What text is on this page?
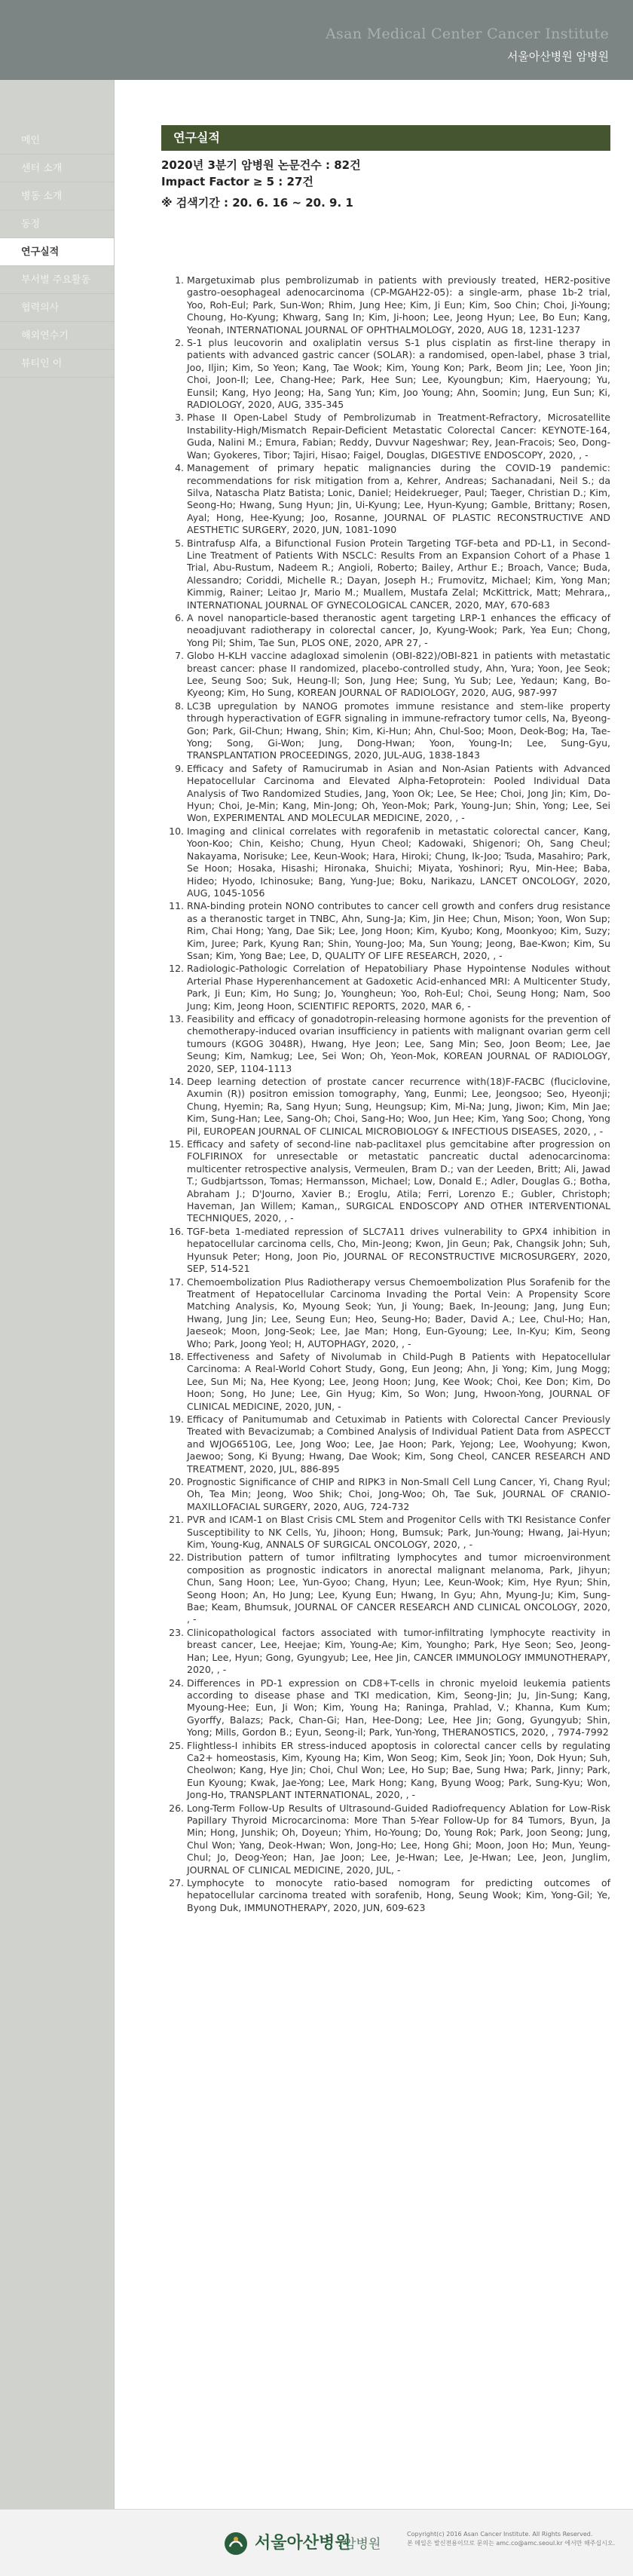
Asan Medical Center Cancer Institute
서울아산병원 암병원
메인
센터 소개
병동 소개
동정
연구실적
부서별 주요활동
협력의사
해외연수기
뷰티인 이
연구실적
2020년 3분기 암병원 논문건수 : 82건
Impact Factor ≥ 5 : 27건
※ 검색기간 : 20. 6. 16 ~ 20. 9. 1
1. Margetuximab plus pembrolizumab in patients with previously treated, HER2-positive gastro-oesophageal adenocarcinoma (CP-MGAH22-05): a single-arm, phase 1b-2 trial, Yoo, Roh-Eul; Park, Sun-Won; Rhim, Jung Hee; Kim, Ji Eun; Kim, Soo Chin; Choi, Ji-Young; Choung, Ho-Kyung; Khwarg, Sang In; Kim, Ji-hoon; Lee, Jeong Hyun; Lee, Bo Eun; Kang, Yeonah, INTERNATIONAL JOURNAL OF OPHTHALMOLOGY, 2020, AUG 18, 1231-1237
2. S-1 plus leucovorin and oxaliplatin versus S-1 plus cisplatin as first-line therapy in patients with advanced gastric cancer (SOLAR): a randomised, open-label, phase 3 trial, Joo, Iljin; Kim, So Yeon; Kang, Tae Wook; Kim, Young Kon; Park, Beom Jin; Lee, Yoon Jin; Choi, Joon-Il; Lee, Chang-Hee; Park, Hee Sun; Lee, Kyoungbun; Kim, Haeryoung; Yu, Eunsil; Kang, Hyo Jeong; Ha, Sang Yun; Kim, Joo Young; Ahn, Soomin; Jung, Eun Sun; Ki, RADIOLOGY, 2020, AUG, 335-345
3. Phase II Open-Label Study of Pembrolizumab in Treatment-Refractory, Microsatellite Instability-High/Mismatch Repair-Deficient Metastatic Colorectal Cancer: KEYNOTE-164, Guda, Nalini M.; Emura, Fabian; Reddy, Duvvur Nageshwar; Rey, Jean-Fracois; Seo, Dong-Wan; Gyokeres, Tibor; Tajiri, Hisao; Faigel, Douglas, DIGESTIVE ENDOSCOPY, 2020, , -
4. Management of primary hepatic malignancies during the COVID-19 pandemic: recommendations for risk mitigation from a, Kehrer, Andreas; Sachanadani, Neil S.; da Silva, Natascha Platz Batista; Lonic, Daniel; Heidekrueger, Paul; Taeger, Christian D.; Kim, Seong-Ho; Hwang, Sung Hyun; Jin, Ui-Kyung; Lee, Hyun-Kyung; Gamble, Brittany; Rosen, Ayal; Hong, Hee-Kyung; Joo, Rosanne, JOURNAL OF PLASTIC RECONSTRUCTIVE AND AESTHETIC SURGERY, 2020, JUN, 1081-1090
5. Bintrafusp Alfa, a Bifunctional Fusion Protein Targeting TGF-beta and PD-L1, in Second-Line Treatment of Patients With NSCLC: Results From an Expansion Cohort of a Phase 1 Trial, Abu-Rustum, Nadeem R.; Angioli, Roberto; Bailey, Arthur E.; Broach, Vance; Buda, Alessandro; Coriddi, Michelle R.; Dayan, Joseph H.; Frumovitz, Michael; Kim, Yong Man; Kimmig, Rainer; Leitao Jr, Mario M.; Muallem, Mustafa Zelal; McKittrick, Matt; Mehrara,, INTERNATIONAL JOURNAL OF GYNECOLOGICAL CANCER, 2020, MAY, 670-683
6. A novel nanoparticle-based theranostic agent targeting LRP-1 enhances the efficacy of neoadjuvant radiotherapy in colorectal cancer, Jo, Kyung-Wook; Park, Yea Eun; Chong, Yong Pil; Shim, Tae Sun, PLOS ONE, 2020, APR 27, -
7. Globo H-KLH vaccine adagloxad simolenin (OBI-822)/OBI-821 in patients with metastatic breast cancer: phase II randomized, placebo-controlled study, Ahn, Yura; Yoon, Jee Seok; Lee, Seung Soo; Suk, Heung-Il; Son, Jung Hee; Sung, Yu Sub; Lee, Yedaun; Kang, Bo-Kyeong; Kim, Ho Sung, KOREAN JOURNAL OF RADIOLOGY, 2020, AUG, 987-997
8. LC3B upregulation by NANOG promotes immune resistance and stem-like property through hyperactivation of EGFR signaling in immune-refractory tumor cells, Na, Byeong-Gon; Park, Gil-Chun; Hwang, Shin; Kim, Ki-Hun; Ahn, Chul-Soo; Moon, Deok-Bog; Ha, Tae-Yong; Song, Gi-Won; Jung, Dong-Hwan; Yoon, Young-In; Lee, Sung-Gyu, TRANSPLANTATION PROCEEDINGS, 2020, JUL-AUG, 1838-1843
9. Efficacy and Safety of Ramucirumab in Asian and Non-Asian Patients with Advanced Hepatocellular Carcinoma and Elevated Alpha-Fetoprotein: Pooled Individual Data Analysis of Two Randomized Studies, Jang, Yoon Ok; Lee, Se Hee; Choi, Jong Jin; Kim, Do-Hyun; Choi, Je-Min; Kang, Min-Jong; Oh, Yeon-Mok; Park, Young-Jun; Shin, Yong; Lee, Sei Won, EXPERIMENTAL AND MOLECULAR MEDICINE, 2020, , -
10. Imaging and clinical correlates with regorafenib in metastatic colorectal cancer, Kang, Yoon-Koo; Chin, Keisho; Chung, Hyun Cheol; Kadowaki, Shigenori; Oh, Sang Cheul; Nakayama, Norisuke; Lee, Keun-Wook; Hara, Hiroki; Chung, Ik-Joo; Tsuda, Masahiro; Park, Se Hoon; Hosaka, Hisashi; Hironaka, Shuichi; Miyata, Yoshinori; Ryu, Min-Hee; Baba, Hideo; Hyodo, Ichinosuke; Bang, Yung-Jue; Boku, Narikazu, LANCET ONCOLOGY, 2020, AUG, 1045-1056
11. RNA-binding protein NONO contributes to cancer cell growth and confers drug resistance as a theranostic target in TNBC, Ahn, Sung-Ja; Kim, Jin Hee; Chun, Mison; Yoon, Won Sup; Rim, Chai Hong; Yang, Dae Sik; Lee, Jong Hoon; Kim, Kyubo; Kong, Moonkyoo; Kim, Suzy; Kim, Juree; Park, Kyung Ran; Shin, Young-Joo; Ma, Sun Young; Jeong, Bae-Kwon; Kim, Su Ssan; Kim, Yong Bae; Lee, D, QUALITY OF LIFE RESEARCH, 2020, , -
12. Radiologic-Pathologic Correlation of Hepatobiliary Phase Hypointense Nodules without Arterial Phase Hyperenhancement at Gadoxetic Acid-enhanced MRI: A Multicenter Study, Park, Ji Eun; Kim, Ho Sung; Jo, Youngheun; Yoo, Roh-Eul; Choi, Seung Hong; Nam, Soo Jung; Kim, Jeong Hoon, SCIENTIFIC REPORTS, 2020, MAR 6, -
13. Feasibility and efficacy of gonadotropin-releasing hormone agonists for the prevention of chemotherapy-induced ovarian insufficiency in patients with malignant ovarian germ cell tumours (KGOG 3048R), Hwang, Hye Jeon; Lee, Sang Min; Seo, Joon Beom; Lee, Jae Seung; Kim, Namkug; Lee, Sei Won; Oh, Yeon-Mok, KOREAN JOURNAL OF RADIOLOGY, 2020, SEP, 1104-1113
14. Deep learning detection of prostate cancer recurrence with(18)F-FACBC (fluciclovine, Axumin (R)) positron emission tomography, Yang, Eunmi; Lee, Jeongsoo; Seo, Hyeonji; Chung, Hyemin; Ra, Sang Hyun; Sung, Heungsup; Kim, Mi-Na; Jung, Jiwon; Kim, Min Jae; Kim, Sung-Han; Lee, Sang-Oh; Choi, Sang-Ho; Woo, Jun Hee; Kim, Yang Soo; Chong, Yong Pil, EUROPEAN JOURNAL OF CLINICAL MICROBIOLOGY & INFECTIOUS DISEASES, 2020, , -
15. Efficacy and safety of second-line nab-paclitaxel plus gemcitabine after progression on FOLFIRINOX for unresectable or metastatic pancreatic ductal adenocarcinoma: multicenter retrospective analysis, Vermeulen, Bram D.; van der Leeden, Britt; Ali, Jawad T.; Gudbjartsson, Tomas; Hermansson, Michael; Low, Donald E.; Adler, Douglas G.; Botha, Abraham J.; D'Journo, Xavier B.; Eroglu, Atila; Ferri, Lorenzo E.; Gubler, Christoph; Haveman, Jan Willem; Kaman,, SURGICAL ENDOSCOPY AND OTHER INTERVENTIONAL TECHNIQUES, 2020, , -
16. TGF-beta 1-mediated repression of SLC7A11 drives vulnerability to GPX4 inhibition in hepatocellular carcinoma cells, Cho, Min-Jeong; Kwon, Jin Geun; Pak, Changsik John; Suh, Hyunsuk Peter; Hong, Joon Pio, JOURNAL OF RECONSTRUCTIVE MICROSURGERY, 2020, SEP, 514-521
17. Chemoembolization Plus Radiotherapy versus Chemoembolization Plus Sorafenib for the Treatment of Hepatocellular Carcinoma Invading the Portal Vein: A Propensity Score Matching Analysis, Ko, Myoung Seok; Yun, Ji Young; Baek, In-Jeoung; Jang, Jung Eun; Hwang, Jung Jin; Lee, Seung Eun; Heo, Seung-Ho; Bader, David A.; Lee, Chul-Ho; Han, Jaeseok; Moon, Jong-Seok; Lee, Jae Man; Hong, Eun-Gyoung; Lee, In-Kyu; Kim, Seong Who; Park, Joong Yeol; H, AUTOPHAGY, 2020, , -
18. Effectiveness and Safety of Nivolumab in Child-Pugh B Patients with Hepatocellular Carcinoma: A Real-World Cohort Study, Gong, Eun Jeong; Ahn, Ji Yong; Kim, Jung Mogg; Lee, Sun Mi; Na, Hee Kyong; Lee, Jeong Hoon; Jung, Kee Wook; Choi, Kee Don; Kim, Do Hoon; Song, Ho June; Lee, Gin Hyug; Kim, So Won; Jung, Hwoon-Yong, JOURNAL OF CLINICAL MEDICINE, 2020, JUN, -
19. Efficacy of Panitumumab and Cetuximab in Patients with Colorectal Cancer Previously Treated with Bevacizumab; a Combined Analysis of Individual Patient Data from ASPECCT and WJOG6510G, Lee, Jong Woo; Lee, Jae Hoon; Park, Yejong; Lee, Woohyung; Kwon, Jaewoo; Song, Ki Byung; Hwang, Dae Wook; Kim, Song Cheol, CANCER RESEARCH AND TREATMENT, 2020, JUL, 886-895
20. Prognostic Significance of CHIP and RIPK3 in Non-Small Cell Lung Cancer, Yi, Chang Ryul; Oh, Tea Min; Jeong, Woo Shik; Choi, Jong-Woo; Oh, Tae Suk, JOURNAL OF CRANIO-MAXILLOFACIAL SURGERY, 2020, AUG, 724-732
21. PVR and ICAM-1 on Blast Crisis CML Stem and Progenitor Cells with TKI Resistance Confer Susceptibility to NK Cells, Yu, Jihoon; Hong, Bumsuk; Park, Jun-Young; Hwang, Jai-Hyun; Kim, Young-Kug, ANNALS OF SURGICAL ONCOLOGY, 2020, , -
22. Distribution pattern of tumor infiltrating lymphocytes and tumor microenvironment composition as prognostic indicators in anorectal malignant melanoma, Park, Jihyun; Chun, Sang Hoon; Lee, Yun-Gyoo; Chang, Hyun; Lee, Keun-Wook; Kim, Hye Ryun; Shin, Seong Hoon; An, Ho Jung; Lee, Kyung Eun; Hwang, In Gyu; Ahn, Myung-Ju; Kim, Sung-Bae; Keam, Bhumsuk, JOURNAL OF CANCER RESEARCH AND CLINICAL ONCOLOGY, 2020, , -
23. Clinicopathological factors associated with tumor-infiltrating lymphocyte reactivity in breast cancer, Lee, Heejae; Kim, Young-Ae; Kim, Youngho; Park, Hye Seon; Seo, Jeong-Han; Lee, Hyun; Gong, Gyungyub; Lee, Hee Jin, CANCER IMMUNOLOGY IMMUNOTHERAPY, 2020, , -
24. Differences in PD-1 expression on CD8+T-cells in chronic myeloid leukemia patients according to disease phase and TKI medication, Kim, Seong-Jin; Ju, Jin-Sung; Kang, Myoung-Hee; Eun, Ji Won; Kim, Young Ha; Raninga, Prahlad, V.; Khanna, Kum Kum; Gyorffy, Balazs; Pack, Chan-Gi; Han, Hee-Dong; Lee, Hee Jin; Gong, Gyungyub; Shin, Yong; Mills, Gordon B.; Eyun, Seong-il; Park, Yun-Yong, THERANOSTICS, 2020, , 7974-7992
25. Flightless-I inhibits ER stress-induced apoptosis in colorectal cancer cells by regulating Ca2+ homeostasis, Kim, Kyoung Ha; Kim, Won Seog; Kim, Seok Jin; Yoon, Dok Hyun; Suh, Cheolwon; Kang, Hye Jin; Choi, Chul Won; Lee, Ho Sup; Bae, Sung Hwa; Park, Jinny; Park, Eun Kyoung; Kwak, Jae-Yong; Lee, Mark Hong; Kang, Byung Woog; Park, Sung-Kyu; Won, Jong-Ho, TRANSPLANT INTERNATIONAL, 2020, , -
26. Long-Term Follow-Up Results of Ultrasound-Guided Radiofrequency Ablation for Low-Risk Papillary Thyroid Microcarcinoma: More Than 5-Year Follow-Up for 84 Tumors, Byun, Ja Min; Hong, Junshik; Oh, Doyeun; Yhim, Ho-Young; Do, Young Rok; Park, Joon Seong; Jung, Chul Won; Yang, Deok-Hwan; Won, Jong-Ho; Lee, Hong Ghi; Moon, Joon Ho; Mun, Yeung-Chul; Jo, Deog-Yeon; Han, Jae Joon; Lee, Je-Hwan; Lee, Je-Hwan; Lee, Jeon, Junglim, JOURNAL OF CLINICAL MEDICINE, 2020, JUL, -
27. Lymphocyte to monocyte ratio-based nomogram for predicting outcomes of hepatocellular carcinoma treated with sorafenib, Hong, Seung Wook; Kim, Yong-Gil; Ye, Byong Duk, IMMUNOTHERAPY, 2020, JUN, 609-623
서울아산병원
암병원
Copyright(c) 2016 Asan Cancer Institute. All Rights Reserved.
본 메일은 발신전용이므로 문의는 amc.co@amc.seoul.kr 에서만 해주십시오.
